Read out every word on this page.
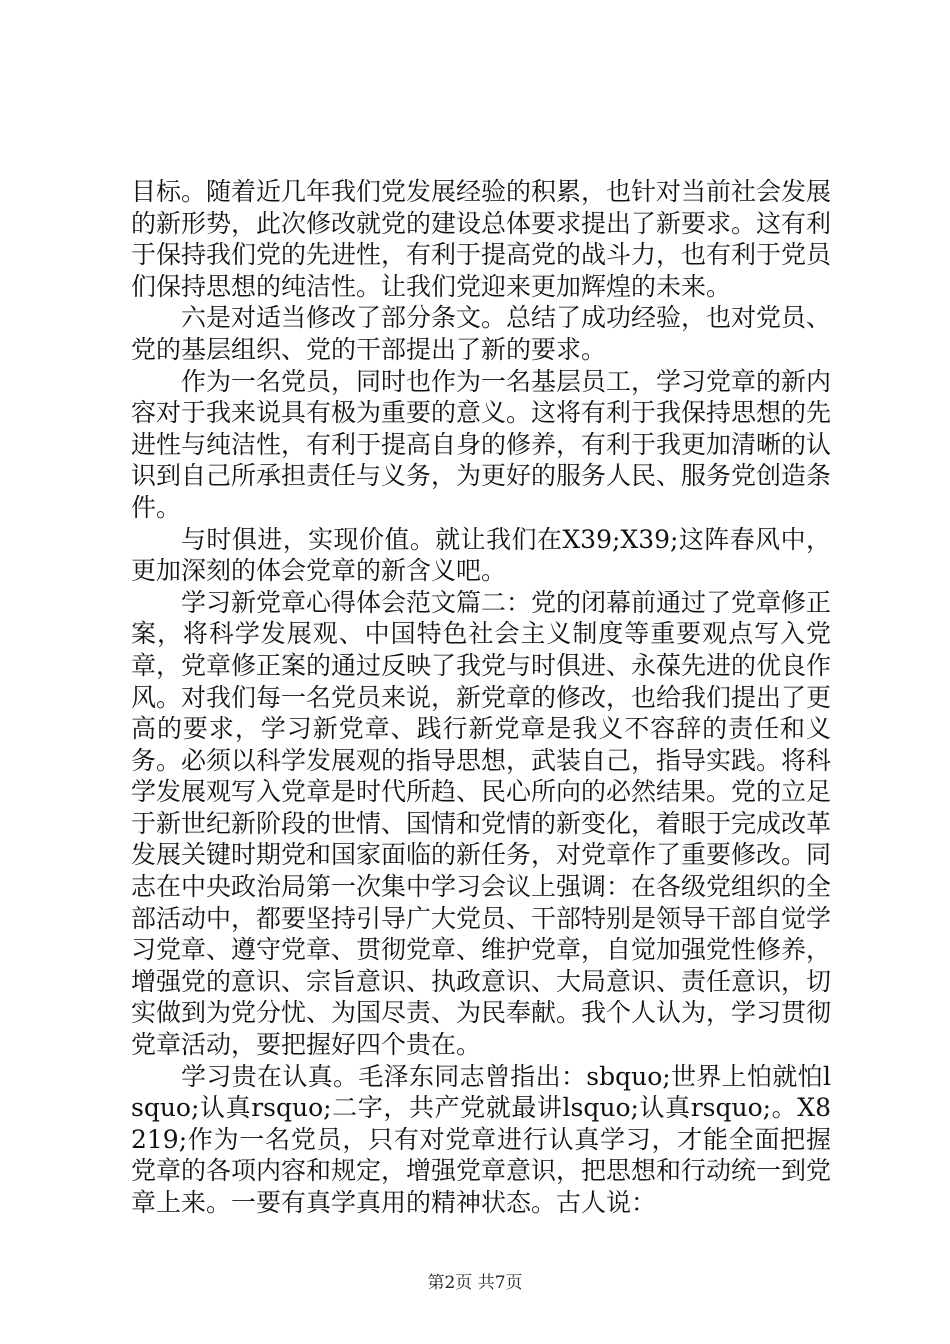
目标。随着近几年我们党发展经验的积累，也针对当前社会发展的新形势，此次修改就党的建设总体要求提出了新要求。这有利于保持我们党的先进性，有利于提高党的战斗力，也有利于党员们保持思想的纯洁性。让我们党迎来更加辉煌的未来。

六是对适当修改了部分条文。总结了成功经验，也对党员、党的基层组织、党的干部提出了新的要求。

作为一名党员，同时也作为一名基层员工，学习党章的新内容对于我来说具有极为重要的意义。这将有利于我保持思想的先进性与纯洁性，有利于提高自身的修养，有利于我更加清晰的认识到自己所承担责任与义务，为更好的服务人民、服务党创造条件。

与时俱进，实现价值。就让我们在X39;X39;这阵春风中，更加深刻的体会党章的新含义吧。

学习新党章心得体会范文篇二：党的闭幕前通过了党章修正案，将科学发展观、中国特色社会主义制度等重要观点写入党章，党章修正案的通过反映了我党与时俱进、永葆先进的优良作风。对我们每一名党员来说，新党章的修改，也给我们提出了更高的要求，学习新党章、践行新党章是我义不容辞的责任和义务。必须以科学发展观的指导思想，武装自己，指导实践。将科学发展观写入党章是时代所趋、民心所向的必然结果。党的立足于新世纪新阶段的世情、国情和党情的新变化，着眼于完成改革发展关键时期党和国家面临的新任务，对党章作了重要修改。同志在中央政治局第一次集中学习会议上强调：在各级党组织的全部活动中，都要坚持引导广大党员、干部特别是领导干部自觉学习党章、遵守党章、贯彻党章、维护党章，自觉加强党性修养，增强党的意识、宗旨意识、执政意识、大局意识、责任意识，切实做到为党分忧、为国尽责、为民奉献。我个人认为，学习贯彻党章活动，要把握好四个贵在。

学习贵在认真。毛泽东同志曾指出：sbquo;世界上怕就怕lsquo;认真rsquo;二字，共产党就最讲lsquo;认真rsquo;。X8219;作为一名党员，只有对党章进行认真学习，才能全面把握党章的各项内容和规定，增强党章意识，把思想和行动统一到党章上来。一要有真学真用的精神状态。古人说：

第2页 共7页
